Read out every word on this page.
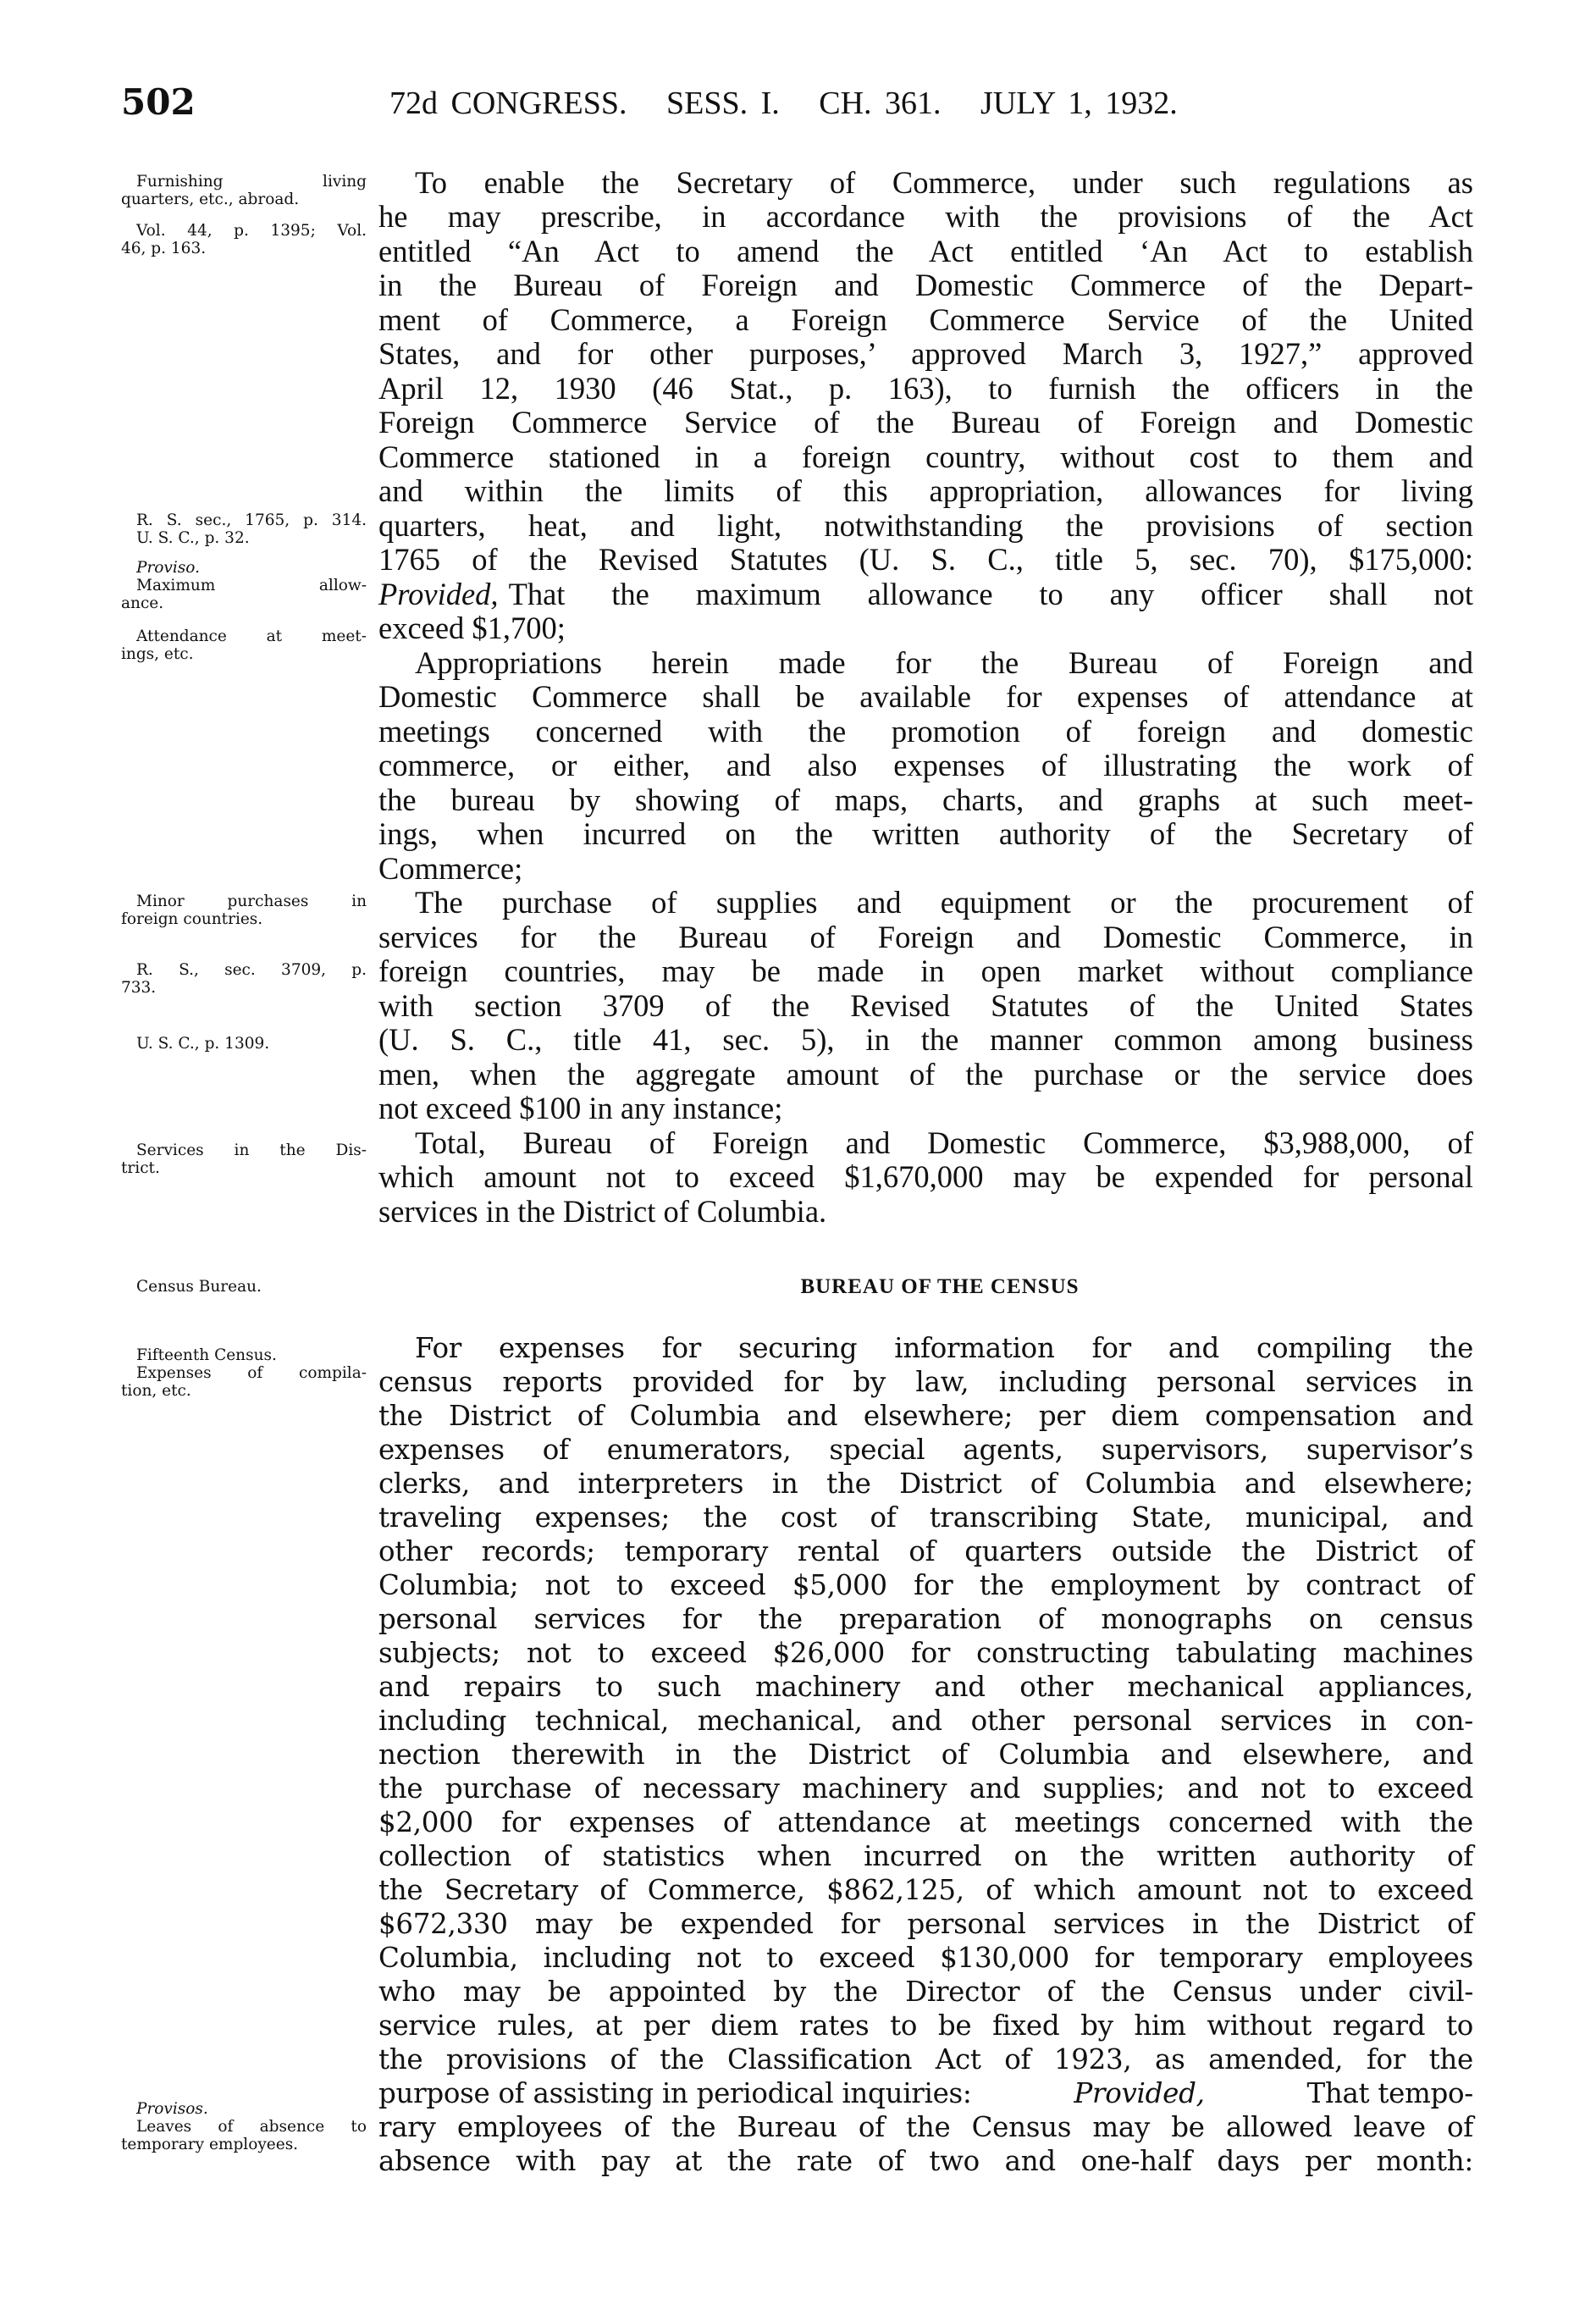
502	72d CONGRESS.   SESS. I.   CH. 361.   JULY 1, 1932.
Furnishing living
quarters, etc., abroad.
Vol. 44, p. 1395; Vol.
46, p. 163.
R. S. sec., 1765, p. 314.
U. S. C., p. 32.
Proviso.
Maximum allow-
ance.
Attendance at meet-
ings, etc.
Minor purchases in
foreign countries.
R. S., sec. 3709, p.
733.
U. S. C., p. 1309.
Services in the Dis-
trict.
Census Bureau.
Fifteenth Census.
Expenses of compila-
tion, etc.
Provisos.
Leaves of absence to
temporary employees.
To enable the Secretary of Commerce, under such regulations as
he may prescribe, in accordance with the provisions of the Act
entitled “An Act to amend the Act entitled ‘An Act to establish
in the Bureau of Foreign and Domestic Commerce of the Depart-
ment of Commerce, a Foreign Commerce Service of the United
States, and for other purposes,’ approved March 3, 1927,” approved
April 12, 1930 (46 Stat., p. 163), to furnish the officers in the
Foreign Commerce Service of the Bureau of Foreign and Domestic
Commerce stationed in a foreign country, without cost to them and
and within the limits of this appropriation, allowances for living
quarters, heat, and light, notwithstanding the provisions of section
1765 of the Revised Statutes (U. S. C., title 5, sec. 70), $175,000:
Provided, That the maximum allowance to any officer shall not
exceed $1,700;
Appropriations herein made for the Bureau of Foreign and
Domestic Commerce shall be available for expenses of attendance at
meetings concerned with the promotion of foreign and domestic
commerce, or either, and also expenses of illustrating the work of
the bureau by showing of maps, charts, and graphs at such meet-
ings, when incurred on the written authority of the Secretary of
Commerce;
The purchase of supplies and equipment or the procurement of
services for the Bureau of Foreign and Domestic Commerce, in
foreign countries, may be made in open market without compliance
with section 3709 of the Revised Statutes of the United States
(U. S. C., title 41, sec. 5), in the manner common among business
men, when the aggregate amount of the purchase or the service does
not exceed $100 in any instance;
Total, Bureau of Foreign and Domestic Commerce, $3,988,000, of
which amount not to exceed $1,670,000 may be expended for personal
services in the District of Columbia.
BUREAU OF THE CENSUS
For expenses for securing information for and compiling the
census reports provided for by law, including personal services in
the District of Columbia and elsewhere; per diem compensation and
expenses of enumerators, special agents, supervisors, supervisor’s
clerks, and interpreters in the District of Columbia and elsewhere;
traveling expenses; the cost of transcribing State, municipal, and
other records; temporary rental of quarters outside the District of
Columbia; not to exceed $5,000 for the employment by contract of
personal services for the preparation of monographs on census
subjects; not to exceed $26,000 for constructing tabulating machines
and repairs to such machinery and other mechanical appliances,
including technical, mechanical, and other personal services in con-
nection therewith in the District of Columbia and elsewhere, and
the purchase of necessary machinery and supplies; and not to exceed
$2,000 for expenses of attendance at meetings concerned with the
collection of statistics when incurred on the written authority of
the Secretary of Commerce, $862,125, of which amount not to exceed
$672,330 may be expended for personal services in the District of
Columbia, including not to exceed $130,000 for temporary employees
who may be appointed by the Director of the Census under civil-
service rules, at per diem rates to be fixed by him without regard to
the provisions of the Classification Act of 1923, as amended, for the
purpose of assisting in periodical inquiries:	Provided,	That tempo-
rary employees of the Bureau of the Census may be allowed leave of
absence with pay at the rate of two and one-half days per month:
